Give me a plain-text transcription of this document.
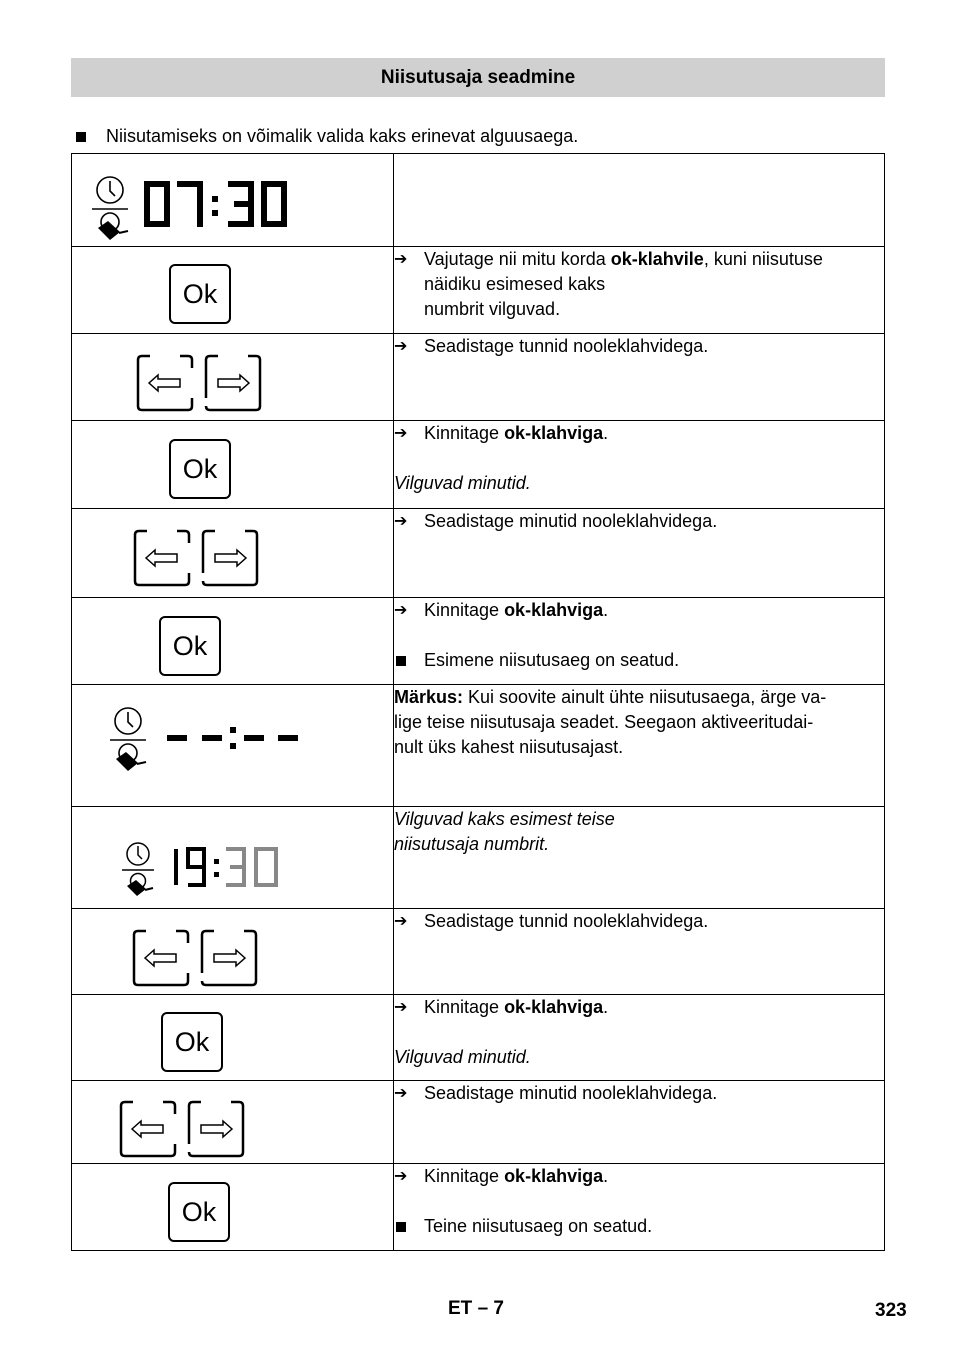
Niisutusaja seadmine
Niisutamiseks on võimalik valida kaks erinevat alguusaega.

Ok	➔ Vajutage nii mitu korda ok-klahvile, kuni niisutuse
näidiku esimesed kaks
numbrit vilguvad.

➔ Seadistage tunnid nooleklahvidega.

Ok	➔ Kinnitage ok-klahviga.
Vilguvad minutid.

➔ Seadistage minutid nooleklahvidega.

Ok	➔ Kinnitage ok-klahviga.
Esimene niisutusaeg on seatud.

Märkus: Kui soovite ainult ühte niisutusaega, ärge va-
lige teise niisutusaja seadet. Seegaon aktiveeritudai-
nult üks kahest niisutusajast.

Vilguvad kaks esimest teise
niisutusaja numbrit.

➔ Seadistage tunnid nooleklahvidega.

Ok	➔ Kinnitage ok-klahviga.
Vilguvad minutid.

➔ Seadistage minutid nooleklahvidega.

Ok	➔ Kinnitage ok-klahviga.
Teine niisutusaeg on seatud.
ET – 7	323
